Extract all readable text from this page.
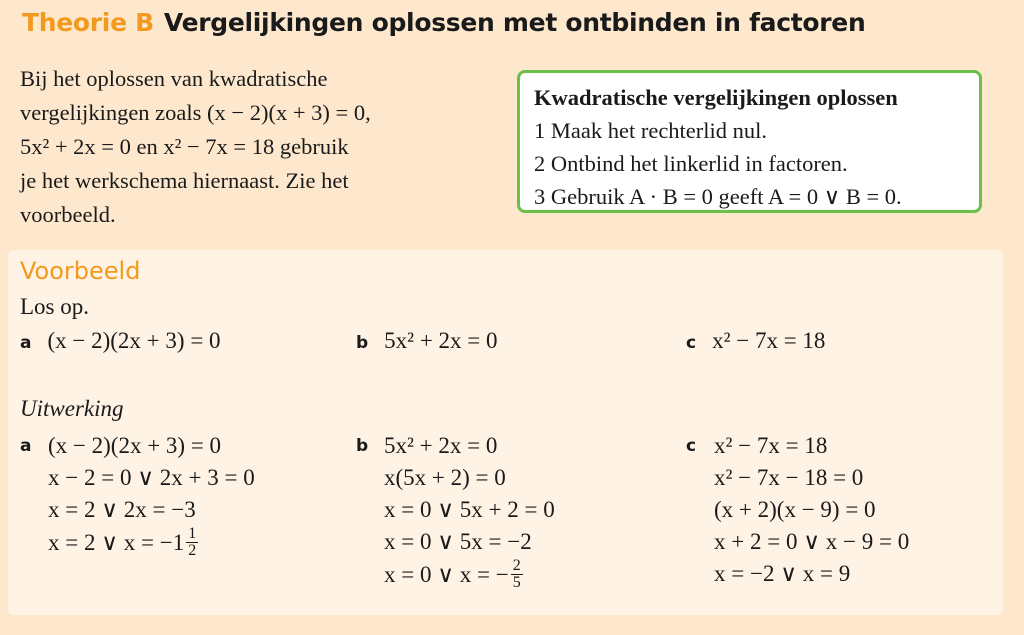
Theorie B Vergelijkingen oplossen met ontbinden in factoren
Bij het oplossen van kwadratische
vergelijkingen zoals (x − 2)(x + 3) = 0,
5x² + 2x = 0 en x² − 7x = 18 gebruik
je het werkschema hiernaast. Zie het
voorbeeld.
Kwadratische vergelijkingen oplossen
1 Maak het rechterlid nul.
2 Ontbind het linkerlid in factoren.
3 Gebruik A · B = 0 geeft A = 0 ∨ B = 0.
Voorbeeld
Los op.
a (x − 2)(2x + 3) = 0	b 5x² + 2x = 0	c x² − 7x = 18
Uitwerking
a (x − 2)(2x + 3) = 0
x − 2 = 0 ∨ 2x + 3 = 0
x = 2 ∨ 2x = −3
x = 2 ∨ $x = -1 \frac{1}{2}$
b 5x² + 2x = 0
x(5x + 2) = 0
x = 0 ∨ 5x + 2 = 0
x = 0 ∨ 5x = −2
x = 0 ∨ x = − $\frac{2}{5}$
c x² − 7x = 18
x² − 7x − 18 = 0
(x + 2)(x − 9) = 0
x + 2 = 0 ∨ x − 9 = 0
x = −2 ∨ x = 9
